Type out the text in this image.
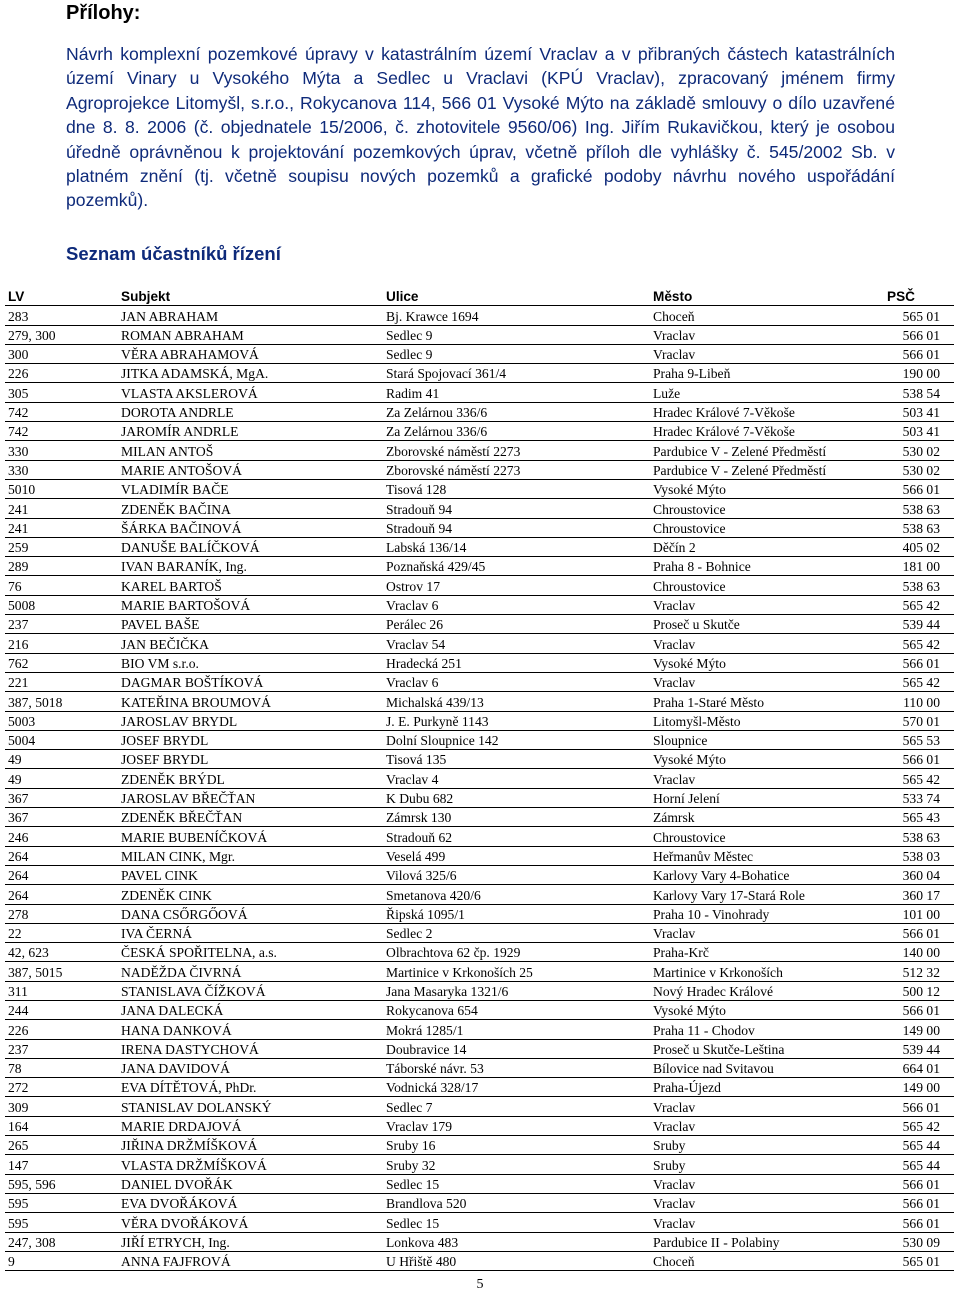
Přílohy:
Návrh komplexní pozemkové úpravy v katastrálním území Vraclav a v přibraných částech katastrálních území Vinary u Vysokého Mýta a Sedlec u Vraclavi (KPÚ Vraclav), zpracovaný jménem firmy Agroprojekce Litomyšl, s.r.o., Rokycanova 114, 566 01 Vysoké Mýto na základě smlouvy o dílo uzavřené dne 8. 8. 2006 (č. objednatele 15/2006, č. zhotovitele 9560/06) Ing. Jiřím Rukavičkou, který je osobou úředně oprávněnou k projektování pozemkových úprav, včetně příloh dle vyhlášky č. 545/2002 Sb. v platném znění (tj. včetně soupisu nových pozemků a grafické podoby návrhu nového uspořádání pozemků).
Seznam účastníků řízení
LV	Subjekt	Ulice	Město	PSČ
283	JAN ABRAHAM	Bj. Krawce 1694	Choceň	565 01
279, 300	ROMAN ABRAHAM	Sedlec 9	Vraclav	566 01
300	VĚRA ABRAHAMOVÁ	Sedlec 9	Vraclav	566 01
226	JITKA ADAMSKÁ, MgA.	Stará Spojovací 361/4	Praha 9-Libeň	190 00
305	VLASTA AKSLEROVÁ	Radim 41	Luže	538 54
742	DOROTA ANDRLE	Za Zelárnou 336/6	Hradec Králové 7-Věkoše	503 41
742	JAROMÍR ANDRLE	Za Zelárnou 336/6	Hradec Králové 7-Věkoše	503 41
330	MILAN ANTOŠ	Zborovské náměstí 2273	Pardubice V - Zelené Předměstí	530 02
330	MARIE ANTOŠOVÁ	Zborovské náměstí 2273	Pardubice V - Zelené Předměstí	530 02
5010	VLADIMÍR BAČE	Tisová 128	Vysoké Mýto	566 01
241	ZDENĚK BAČINA	Stradouň 94	Chroustovice	538 63
241	ŠÁRKA BAČINOVÁ	Stradouň 94	Chroustovice	538 63
259	DANUŠE BALÍČKOVÁ	Labská 136/14	Děčín 2	405 02
289	IVAN BARANÍK, Ing.	Poznaňská 429/45	Praha 8 - Bohnice	181 00
76	KAREL BARTOŠ	Ostrov 17	Chroustovice	538 63
5008	MARIE BARTOŠOVÁ	Vraclav 6	Vraclav	565 42
237	PAVEL BAŠE	Perálec 26	Proseč u Skutče	539 44
216	JAN BEČIČKA	Vraclav 54	Vraclav	565 42
762	BIO VM s.r.o.	Hradecká 251	Vysoké Mýto	566 01
221	DAGMAR BOŠTÍKOVÁ	Vraclav 6	Vraclav	565 42
387, 5018	KATEŘINA BROUMOVÁ	Michalská 439/13	Praha 1-Staré Město	110 00
5003	JAROSLAV BRYDL	J. E. Purkyně 1143	Litomyšl-Město	570 01
5004	JOSEF BRYDL	Dolní Sloupnice 142	Sloupnice	565 53
49	JOSEF BRYDL	Tisová 135	Vysoké Mýto	566 01
49	ZDENĚK BRÝDL	Vraclav 4	Vraclav	565 42
367	JAROSLAV BŘEČŤAN	K Dubu 682	Horní Jelení	533 74
367	ZDENĚK BŘEČŤAN	Zámrsk 130	Zámrsk	565 43
246	MARIE BUBENÍČKOVÁ	Stradouň 62	Chroustovice	538 63
264	MILAN CINK, Mgr.	Veselá 499	Heřmanův Městec	538 03
264	PAVEL CINK	Vilová 325/6	Karlovy Vary 4-Bohatice	360 04
264	ZDENĚK CINK	Smetanova 420/6	Karlovy Vary 17-Stará Role	360 17
278	DANA CSŐRGŐOVÁ	Řipská 1095/1	Praha 10 - Vinohrady	101 00
22	IVA ČERNÁ	Sedlec 2	Vraclav	566 01
42, 623	ČESKÁ SPOŘITELNA, a.s.	Olbrachtova 62 čp. 1929	Praha-Krč	140 00
387, 5015	NADĚŽDA ČIVRNÁ	Martinice v Krkonoších 25	Martinice v Krkonoších	512 32
311	STANISLAVA ČÍŽKOVÁ	Jana Masaryka 1321/6	Nový Hradec Králové	500 12
244	JANA DALECKÁ	Rokycanova 654	Vysoké Mýto	566 01
226	HANA DANKOVÁ	Mokrá 1285/1	Praha 11 - Chodov	149 00
237	IRENA DASTYCHOVÁ	Doubravice 14	Proseč u Skutče-Leština	539 44
78	JANA DAVIDOVÁ	Táborské návr. 53	Bílovice nad Svitavou	664 01
272	EVA DÍTĚTOVÁ, PhDr.	Vodnická 328/17	Praha-Újezd	149 00
309	STANISLAV DOLANSKÝ	Sedlec 7	Vraclav	566 01
164	MARIE DRDAJOVÁ	Vraclav 179	Vraclav	565 42
265	JIŘINA DRŽMÍŠKOVÁ	Sruby 16	Sruby	565 44
147	VLASTA DRŽMÍŠKOVÁ	Sruby 32	Sruby	565 44
595, 596	DANIEL DVOŘÁK	Sedlec 15	Vraclav	566 01
595	EVA DVOŘÁKOVÁ	Brandlova 520	Vraclav	566 01
595	VĚRA DVOŘÁKOVÁ	Sedlec 15	Vraclav	566 01
247, 308	JIŘÍ ETRYCH, Ing.	Lonkova 483	Pardubice II - Polabiny	530 09
9	ANNA FAJFROVÁ	U Hřiště 480	Choceň	565 01
5
